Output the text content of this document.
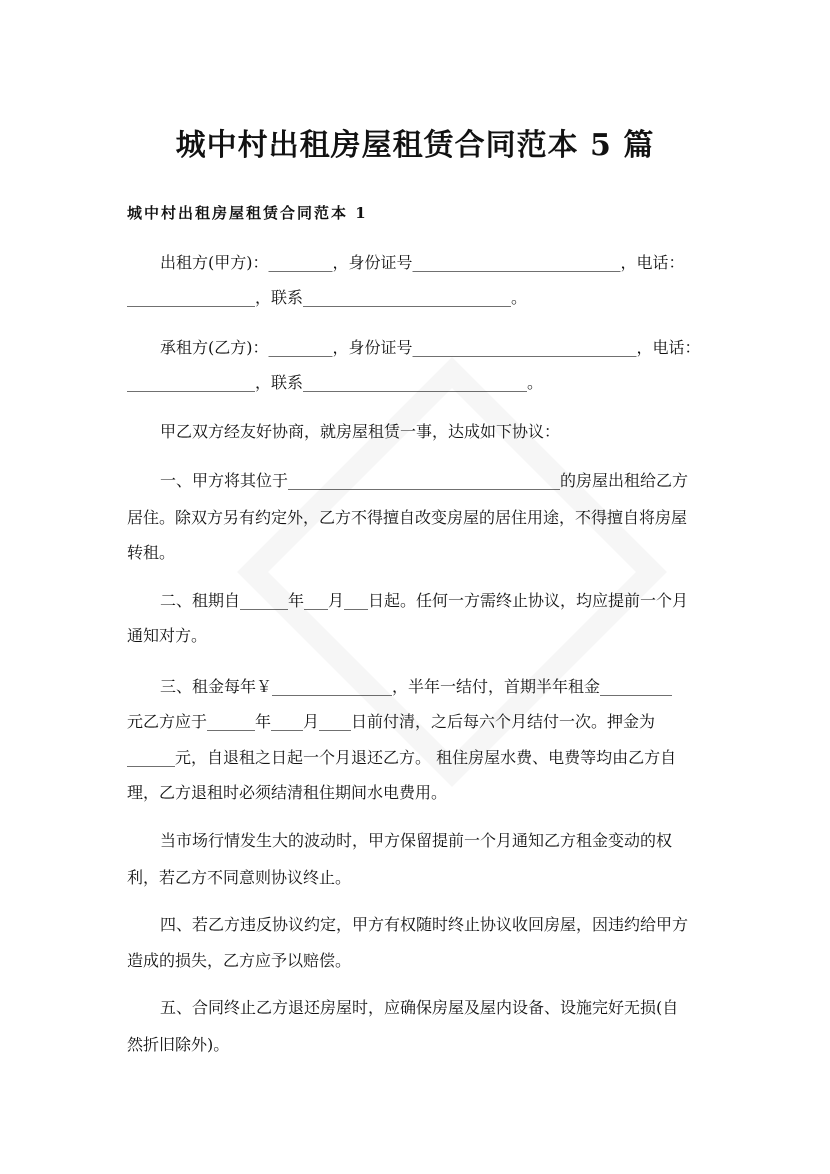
城中村出租房屋租赁合同范本 5 篇
城中村出租房屋租赁合同范本 1
出租方(甲方)：________，身份证号__________________________，电话：
________________，联系__________________________。
承租方(乙方)：________，身份证号____________________________，电话：
________________，联系____________________________。
甲乙双方经友好协商，就房屋租赁一事，达成如下协议：
一、甲方将其位于__________________________________的房屋出租给乙方
居住。除双方另有约定外，乙方不得擅自改变房屋的居住用途，不得擅自将房屋
转租。
二、租期自______年___月___日起。任何一方需终止协议，均应提前一个月
通知对方。
三、租金每年￥_______________，半年一结付，首期半年租金_________
元乙方应于______年____月____日前付清，之后每六个月结付一次。押金为
______元，自退租之日起一个月退还乙方。 租住房屋水费、电费等均由乙方自
理，乙方退租时必须结清租住期间水电费用。
当市场行情发生大的波动时，甲方保留提前一个月通知乙方租金变动的权
利，若乙方不同意则协议终止。
四、若乙方违反协议约定，甲方有权随时终止协议收回房屋，因违约给甲方
造成的损失，乙方应予以赔偿。
五、合同终止乙方退还房屋时，应确保房屋及屋内设备、设施完好无损(自
然折旧除外)。
